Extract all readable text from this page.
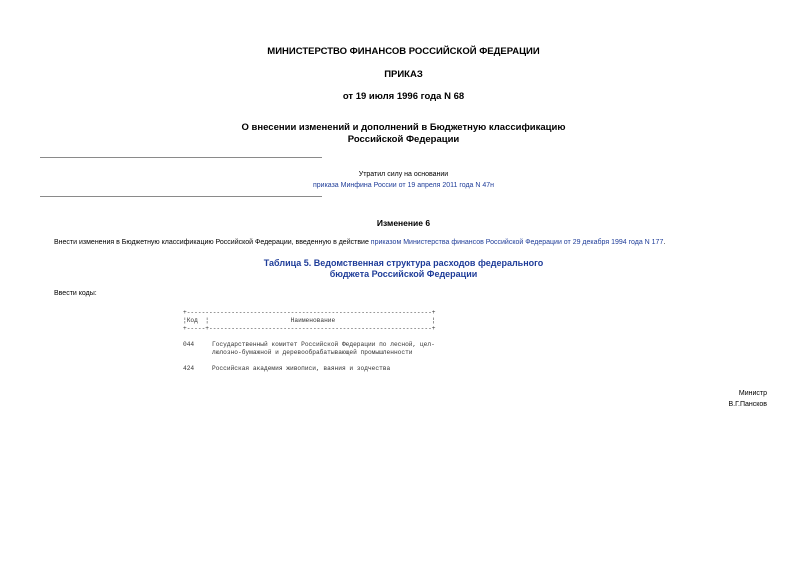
МИНИСТЕРСТВО ФИНАНСОВ РОССИЙСКОЙ ФЕДЕРАЦИИ
ПРИКАЗ
от 19 июля 1996 года N 68
О внесении изменений и дополнений в Бюджетную классификацию
Российской Федерации
Утратил силу на основании
приказа Минфина России от 19 апреля 2011 года N 47н
Изменение 6
Внести изменения в Бюджетную классификацию Российской Федерации, введенную в действие приказом Министерства финансов Российской Федерации от 29 декабря 1994 года N 177.
Таблица 5. Ведомственная структура расходов федерального
бюджета Российской Федерации
Ввести коды:
+------------------------------------------------------------------+
¦Код  ¦                      Наименование                          ¦
+-----+------------------------------------------------------------+
044	Государственный комитет Российской Федерации по лесной, цел-
люлозно-бумажной и деревообрабатывающей промышленности
424	Российская академия живописи, ваяния и зодчества
Министр
В.Г.Пансков
